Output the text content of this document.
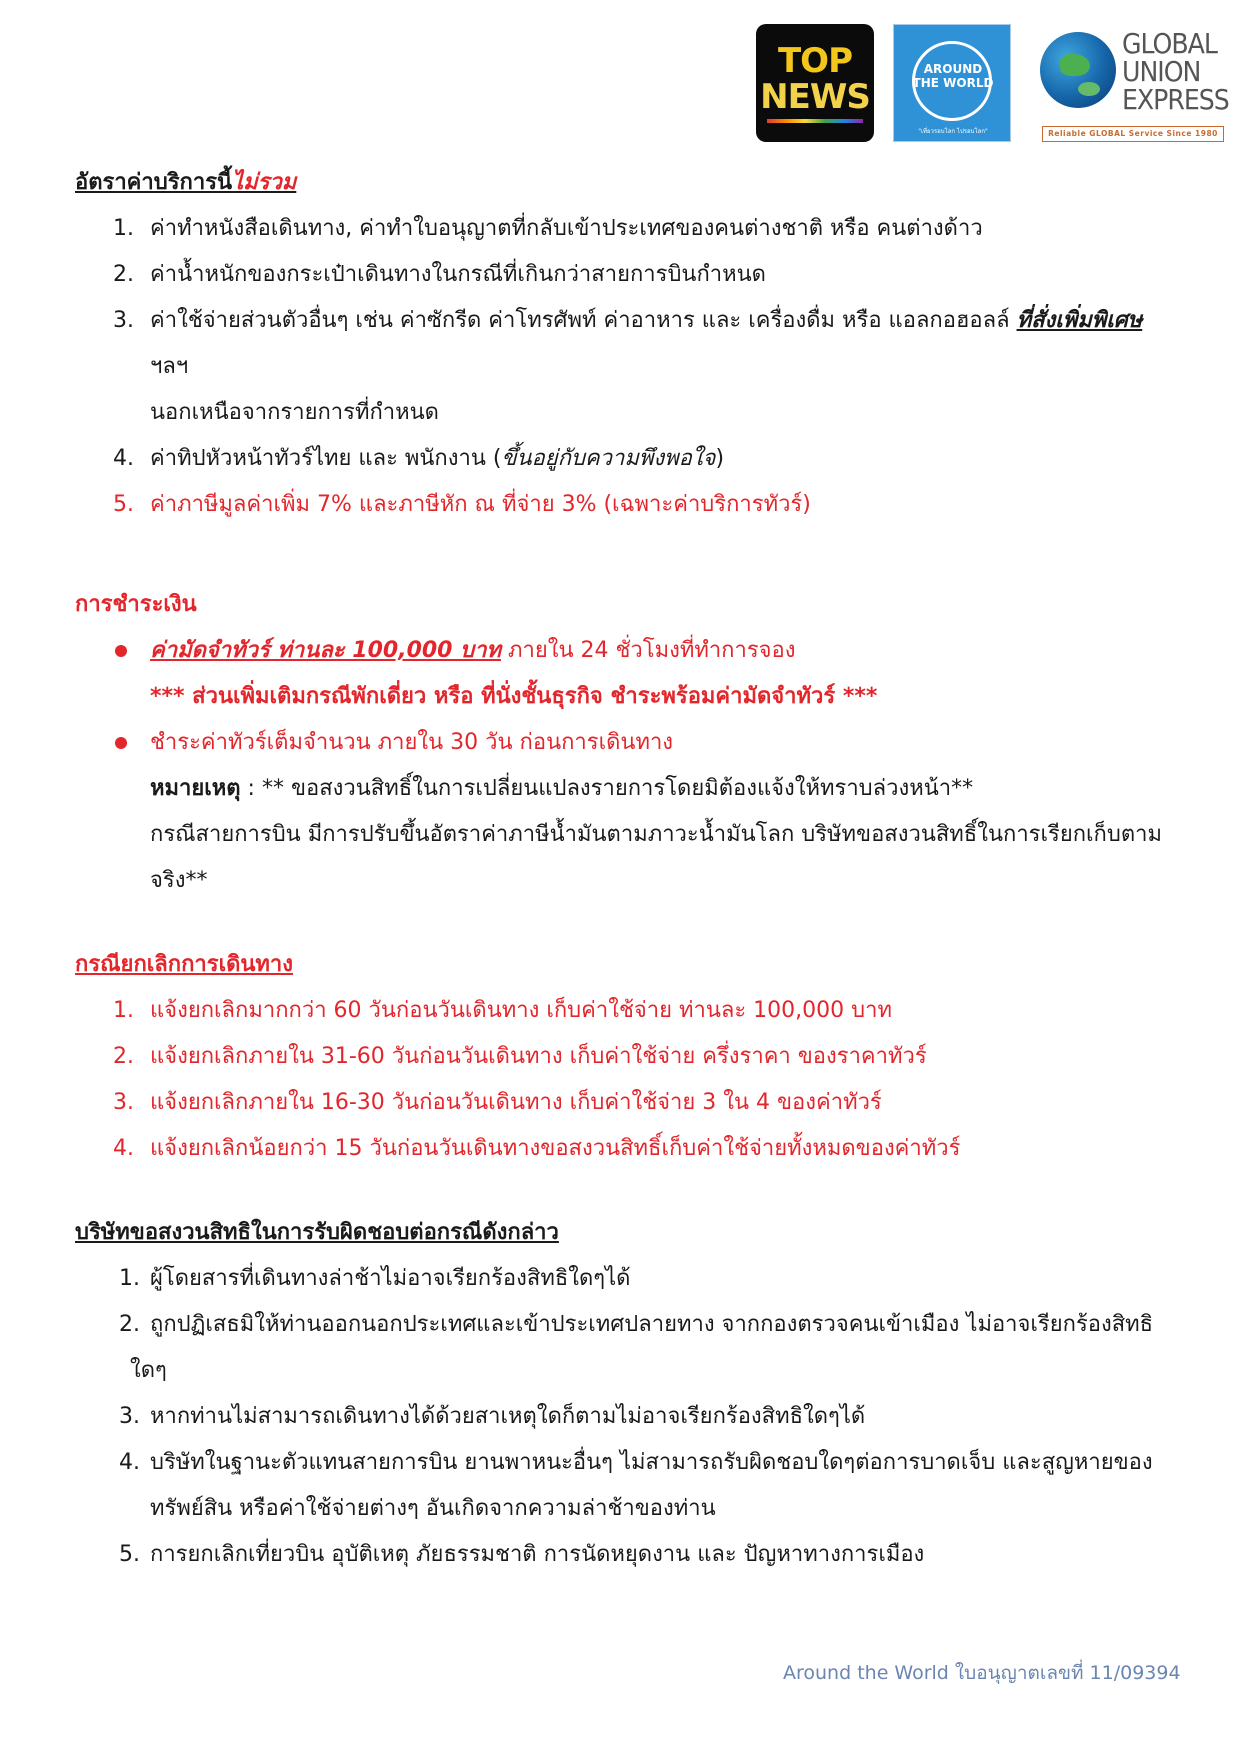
TOP
NEWS
AROUND
THE WORLD
"เที่ยวรอบโลก ไปรอบโลก"
GLOBAL
UNION
EXPRESS
Reliable GLOBAL Service Since 1980

อัตราค่าบริการนี้ไม่รวม

1. ค่าทำหนังสือเดินทาง, ค่าทำใบอนุญาตที่กลับเข้าประเทศของคนต่างชาติ หรือ คนต่างด้าว
2. ค่าน้ำหนักของกระเป๋าเดินทางในกรณีที่เกินกว่าสายการบินกำหนด
3. ค่าใช้จ่ายส่วนตัวอื่นๆ เช่น ค่าซักรีด ค่าโทรศัพท์ ค่าอาหาร และ เครื่องดื่ม หรือ แอลกอฮอลล์ ที่สั่งเพิ่มพิเศษ
ฯลฯ
นอกเหนือจากรายการที่กำหนด
4. ค่าทิปหัวหน้าทัวร์ไทย และ พนักงาน (ขึ้นอยู่กับความพึงพอใจ)
5. ค่าภาษีมูลค่าเพิ่ม 7% และภาษีหัก ณ ที่จ่าย 3% (เฉพาะค่าบริการทัวร์)

การชำระเงิน

ค่ามัดจำทัวร์ ท่านละ 100,000 บาท ภายใน 24 ชั่วโมงที่ทำการจอง
*** ส่วนเพิ่มเติมกรณีพักเดี่ยว หรือ ที่นั่งชั้นธุรกิจ ชำระพร้อมค่ามัดจำทัวร์ ***
ชำระค่าทัวร์เต็มจำนวน ภายใน 30 วัน ก่อนการเดินทาง
หมายเหตุ : ** ขอสงวนสิทธิ์ในการเปลี่ยนแปลงรายการโดยมิต้องแจ้งให้ทราบล่วงหน้า**
กรณีสายการบิน มีการปรับขึ้นอัตราค่าภาษีน้ำมันตามภาวะน้ำมันโลก บริษัทขอสงวนสิทธิ์ในการเรียกเก็บตาม
จริง**

กรณียกเลิกการเดินทาง

1. แจ้งยกเลิกมากกว่า 60 วันก่อนวันเดินทาง เก็บค่าใช้จ่าย ท่านละ 100,000 บาท
2. แจ้งยกเลิกภายใน 31-60 วันก่อนวันเดินทาง เก็บค่าใช้จ่าย ครึ่งราคา ของราคาทัวร์
3. แจ้งยกเลิกภายใน 16-30 วันก่อนวันเดินทาง เก็บค่าใช้จ่าย 3 ใน 4 ของค่าทัวร์
4. แจ้งยกเลิกน้อยกว่า 15 วันก่อนวันเดินทางขอสงวนสิทธิ์เก็บค่าใช้จ่ายทั้งหมดของค่าทัวร์

บริษัทขอสงวนสิทธิในการรับผิดชอบต่อกรณีดังกล่าว

1. ผู้โดยสารที่เดินทางล่าช้าไม่อาจเรียกร้องสิทธิใดๆได้
2. ถูกปฏิเสธมิให้ท่านออกนอกประเทศและเข้าประเทศปลายทาง จากกองตรวจคนเข้าเมือง ไม่อาจเรียกร้องสิทธิ
ใดๆ
3. หากท่านไม่สามารถเดินทางได้ด้วยสาเหตุใดก็ตามไม่อาจเรียกร้องสิทธิใดๆได้
4. บริษัทในฐานะตัวแทนสายการบิน ยานพาหนะอื่นๆ ไม่สามารถรับผิดชอบใดๆต่อการบาดเจ็บ และสูญหายของ
ทรัพย์สิน หรือค่าใช้จ่ายต่างๆ อันเกิดจากความล่าช้าของท่าน
5. การยกเลิกเที่ยวบิน อุบัติเหตุ ภัยธรรมชาติ การนัดหยุดงาน และ ปัญหาทางการเมือง
Around the World ใบอนุญาตเลขที่ 11/09394
